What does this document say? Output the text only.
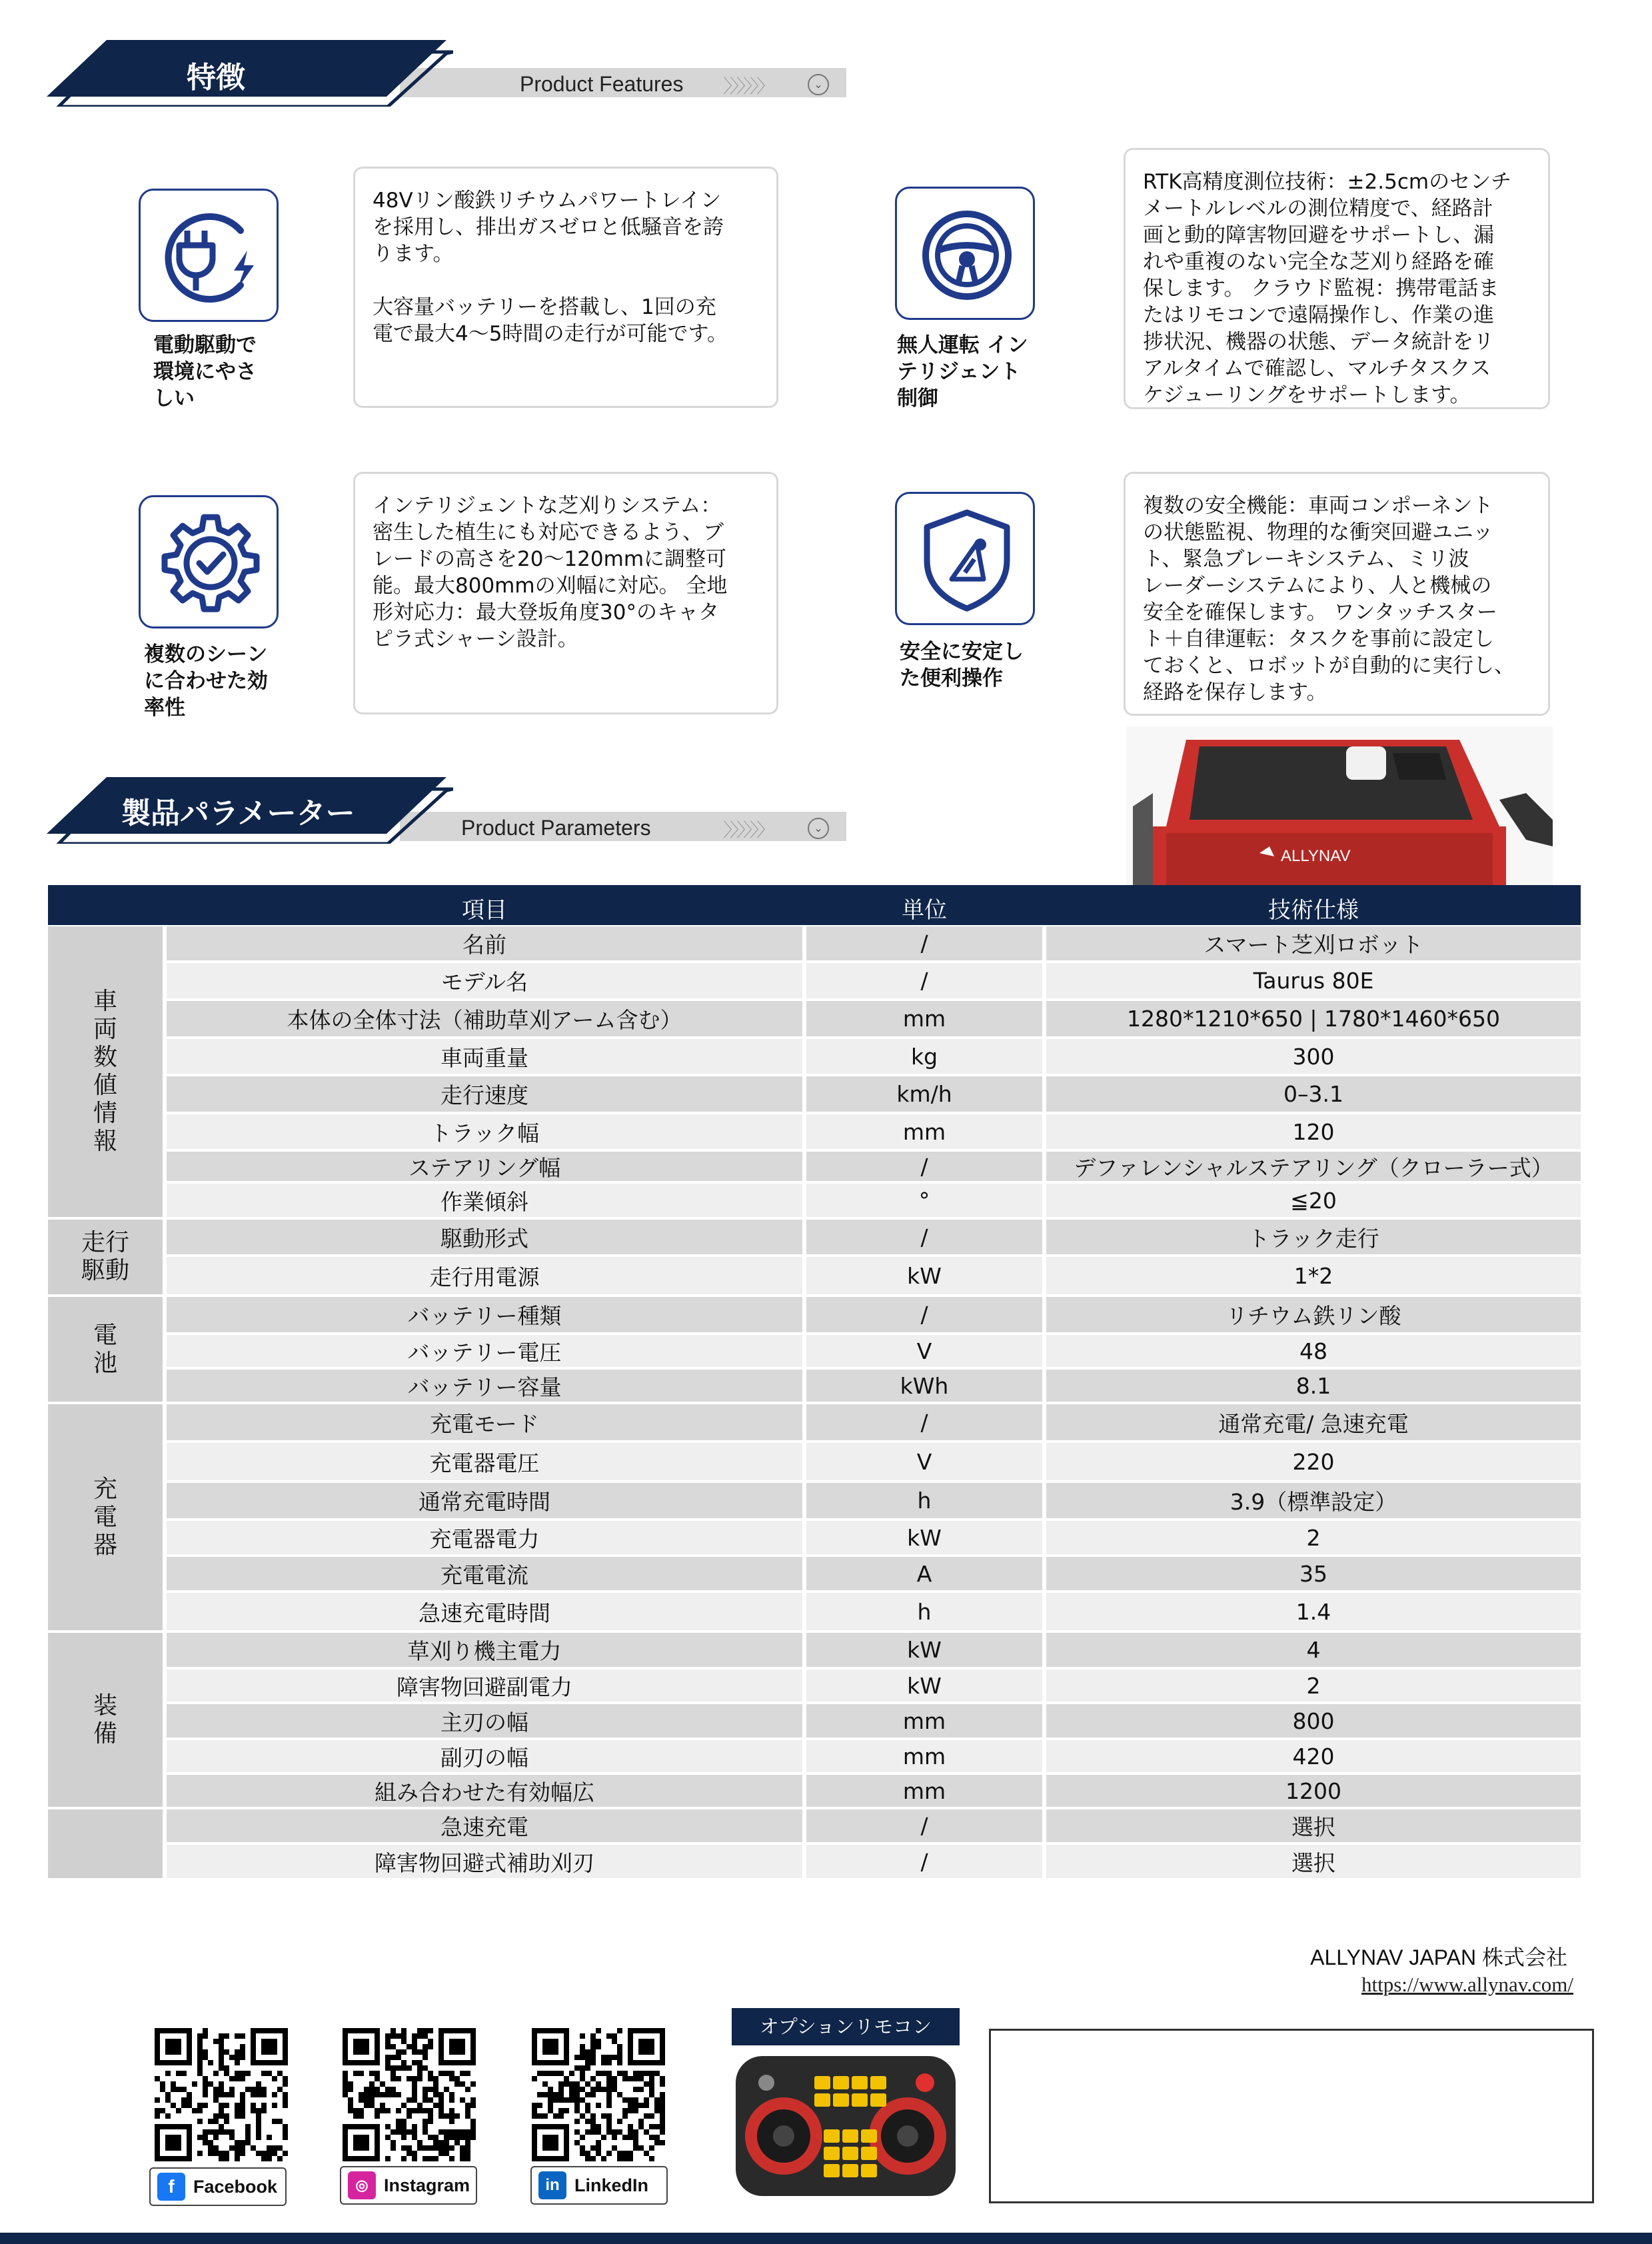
特徴	Product Features 〉〉〉〉〉〉	⌄
電動駆動で
環境にやさ
しい

48Vリン酸鉄リチウムパワートレイン
を採用し、排出ガスゼロと低騒音を誇
ります。

大容量バッテリーを搭載し、1回の充
電で最大4～5時間の走行が可能です。	無人運転 イン
テリジェント
制御

RTK高精度測位技術：±2.5cmのセンチ
メートルレベルの測位精度で、経路計
画と動的障害物回避をサポートし、漏
れや重複のない完全な芝刈り経路を確
保します。 クラウド監視：携帯電話ま
たはリモコンで遠隔操作し、作業の進
捗状況、機器の状態、データ統計をリ
アルタイムで確認し、マルチタスクス
ケジューリングをサポートします。

複数のシーン
に合わせた効
率性

インテリジェントな芝刈りシステム：
密生した植生にも対応できるよう、ブ
レードの高さを20～120mmに調整可
能。最大800mmの刈幅に対応。 全地
形対応力：最大登坂角度30°のキャタ
ピラ式シャーシ設計。

安全に安定し
た便利操作

複数の安全機能：車両コンポーネント
の状態監視、物理的な衝突回避ユニッ
ト、緊急ブレーキシステム、ミリ波
レーダーシステムにより、人と機械の
安全を確保します。 ワンタッチスター
ト＋自律運転：タスクを事前に設定し
ておくと、ロボットが自動的に実行し、
経路を保存します。

製品パラメーター	Product Parameters	〉〉〉〉〉〉	⌄
ALLYNAV
項目	単位	技術仕様
名前	/	スマート芝刈ロボット
モデル名	/	Taurus 80E
本体の全体寸法（補助草刈アーム含む）	mm	1280*1210*650 | 1780*1460*650
車両重量	kg	300
走行速度	km/h	0–3.1
トラック幅	mm	120
ステアリング幅	/	デファレンシャルステアリング（クローラー式）
作業傾斜	°	≦20
車
両
数
値
情
報
駆動形式	/	トラック走行
走行用電源	kW	1*2
走行
駆動
バッテリー種類	/	リチウム鉄リン酸
バッテリー電圧	V	48
バッテリー容量	kWh	8.1
電
池
充電モード	/	通常充電/ 急速充電
充電器電圧	V	220
通常充電時間	h	3.9（標準設定）
充電器電力	kW	2
充電電流	A	35
急速充電時間	h	1.4
充
電
器
草刈り機主電力	kW	4
障害物回避副電力	kW	2
主刃の幅	mm	800
副刃の幅	mm	420
組み合わせた有効幅広	mm	1200
装
備
急速充電	/	選択
障害物回避式補助刈刃	/	選択
ALLYNAV JAPAN 株式会社
https://www.allynav.com/
f	Facebook	◎ Instagram	in LinkedIn
オプションリモコン
